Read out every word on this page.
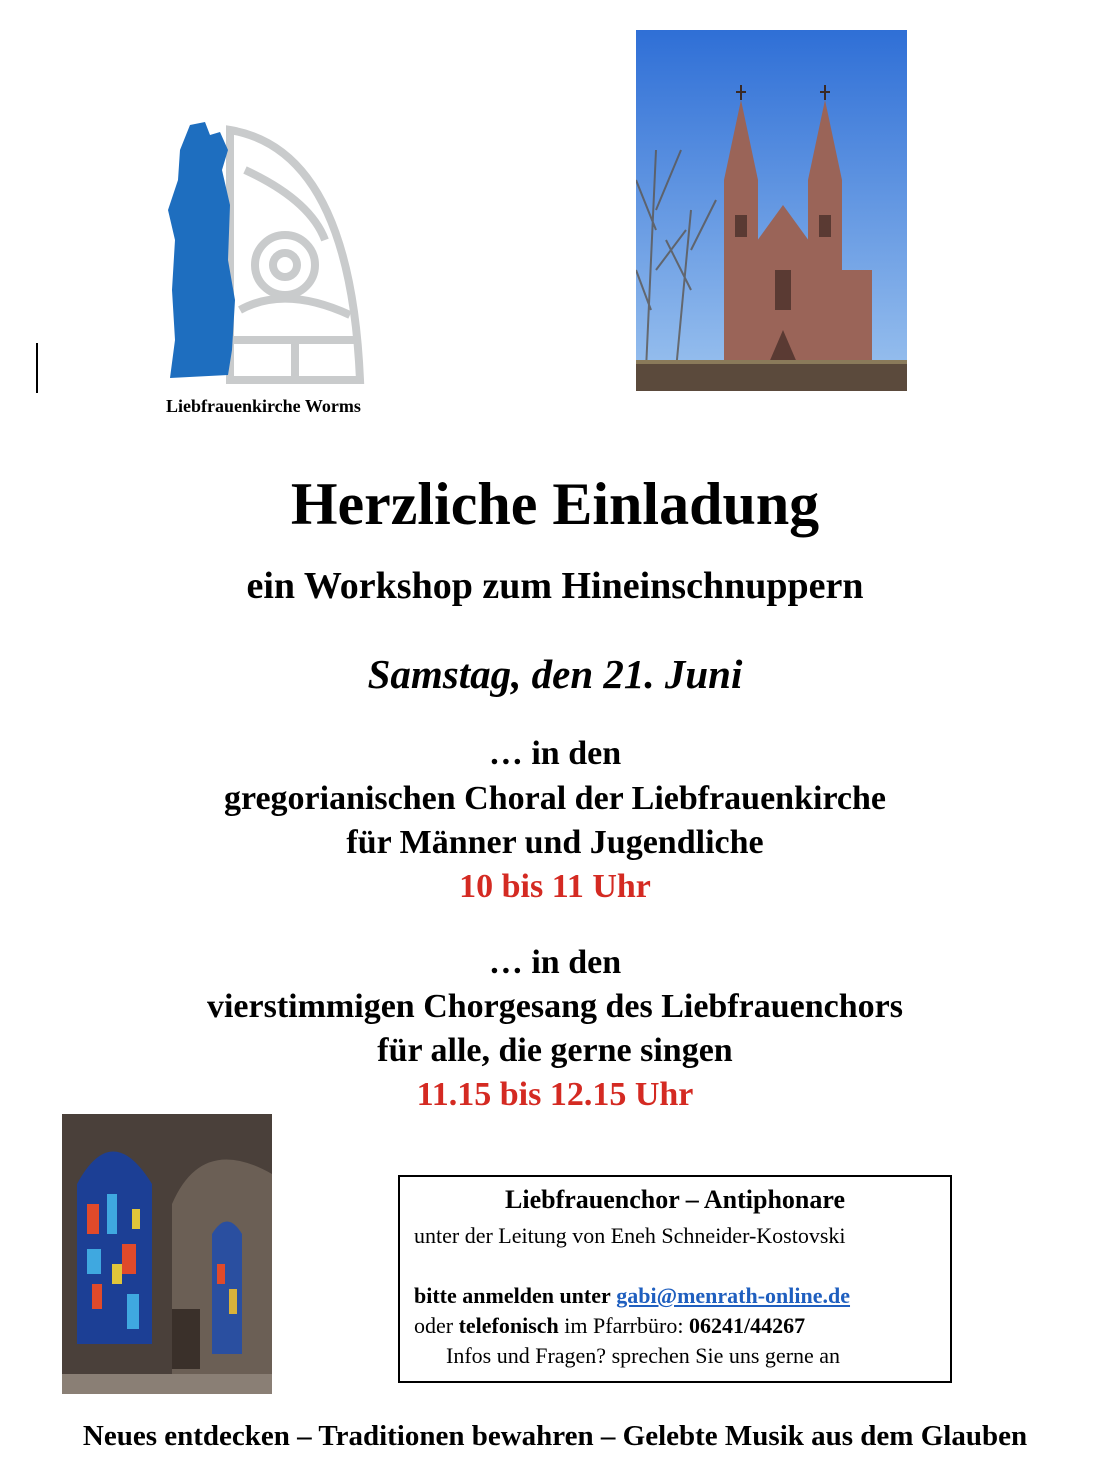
Liebfrauenkirche Worms
Herzliche Einladung
ein Workshop zum Hineinschnuppern
Samstag, den 21. Juni
… in den
gregorianischen Choral der Liebfrauenkirche
für Männer und Jugendliche
10 bis 11 Uhr
… in den
vierstimmigen Chorgesang des Liebfrauenchors
für alle, die gerne singen
11.15 bis 12.15 Uhr
Liebfrauenchor – Antiphonare
unter der Leitung von Eneh Schneider-Kostovski
bitte anmelden unter gabi@menrath-online.de
oder telefonisch im Pfarrbüro: 06241/44267
Infos und Fragen? sprechen Sie uns gerne an
Neues entdecken – Traditionen bewahren – Gelebte Musik aus dem Glauben
